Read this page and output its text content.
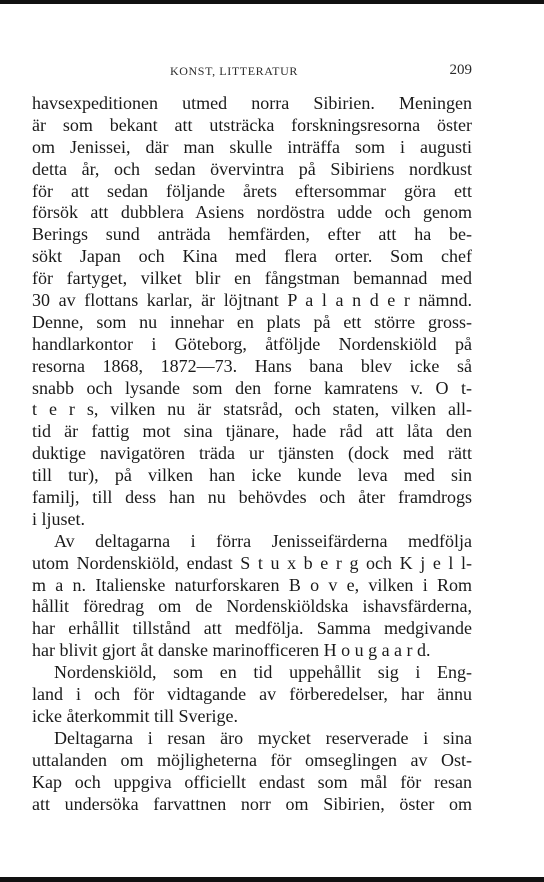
KONST, LITTERATUR	209
havsexpeditionen utmed norra Sibirien. Meningen
är som bekant att utsträcka forskningsresorna öster
om Jenissei, där man skulle inträffa som i augusti
detta år, och sedan övervintra på Sibiriens nordkust
för att sedan följande årets eftersommar göra ett
försök att dubblera Asiens nordöstra udde och genom
Berings sund anträda hemfärden, efter att ha be-
sökt Japan och Kina med flera orter. Som chef
för fartyget, vilket blir en fångstman bemannad med
30 av flottans karlar, är löjtnant P a l a n d e r nämnd.
Denne, som nu innehar en plats på ett större gross-
handlarkontor i Göteborg, åtföljde Nordenskiöld på
resorna 1868, 1872—73. Hans bana blev icke så
snabb och lysande som den forne kamratens v. O t-
t e r s, vilken nu är statsråd, och staten, vilken all-
tid är fattig mot sina tjänare, hade råd att låta den
duktige navigatören träda ur tjänsten (dock med rätt
till tur), på vilken han icke kunde leva med sin
familj, till dess han nu behövdes och åter framdrogs
i ljuset.
Av deltagarna i förra Jenisseifärderna medfölja
utom Nordenskiöld, endast S t u x b e r g och K j e l l-
m a n. Italienske naturforskaren B o v e, vilken i Rom
hållit föredrag om de Nordenskiöldska ishavsfärderna,
har erhållit tillstånd att medfölja. Samma medgivande
har blivit gjort åt danske marinofficeren H o u g a a r d.
Nordenskiöld, som en tid uppehållit sig i Eng-
land i och för vidtagande av förberedelser, har ännu
icke återkommit till Sverige.
Deltagarna i resan äro mycket reserverade i sina
uttalanden om möjligheterna för omseglingen av Ost-
Kap och uppgiva officiellt endast som mål för resan
att undersöka farvattnen norr om Sibirien, öster om
